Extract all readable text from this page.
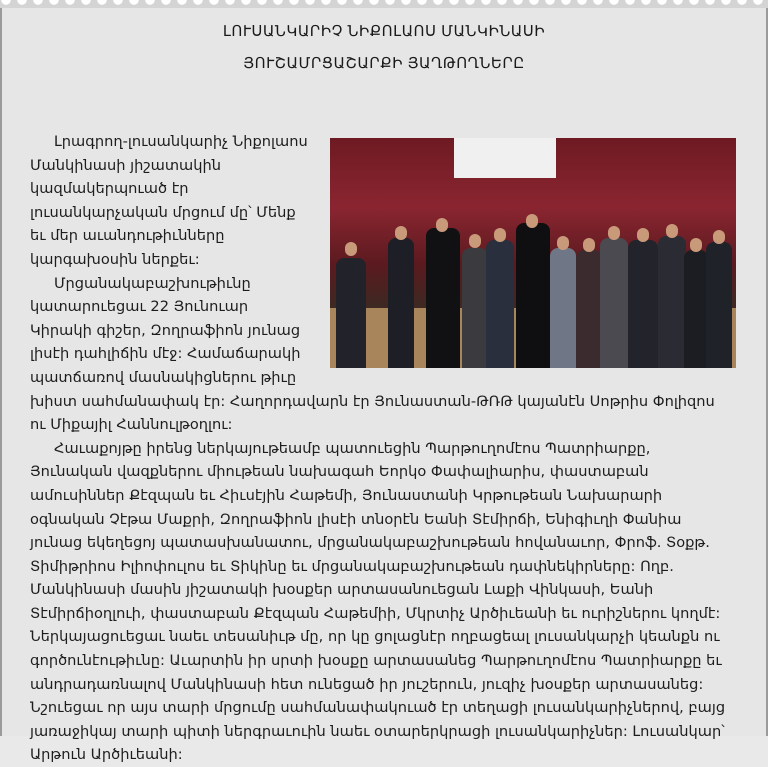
ԼՈՒՍԱՆԿԱՐԻՉ ՆԻՔՈԼԱՈՍ ՄԱՆԿԻՆԱՍԻ
ՅՈՒՇԱՄՐՑԱՇԱՐՔԻ ՅԱՂԹՈՂՆԵՐԸ

Լրագրող-լուսանկարիչ Նիքոլաոս Մանկինասի յիշատակին կազմակերպուած էր լուսանկարչական մրցում մը՝ Մենք եւ մեր աւանդութիւնները կարգախօսին ներքեւ:

Մրցանակաբաշխութիւնը կատարուեցաւ 22 Յունուար Կիրակի գիշեր, Զողրաֆիոն յունաց լիսէի դահլիճին մէջ: Համաճարակի պատճառով մասնակիցներու թիւը

խիստ սահմանափակ էր: Հաղորդավարն էր Յունաստան-ԹՌԹ կայանէն Սոթրիս Փոլիզոս ու Միքայիլ Հաննուլթօղլու:

Հաւաքոյթը իրենց ներկայութեամբ պատուեցին Պարթուղոմէոս Պատրիարքը, Յունական վազքներու միութեան նախագահ Եորկօ Փափալիարիս, փաստաբան ամուսիններ Քէզպան եւ Հիւսէյին Հաթեմի, Յունաստանի Կրթութեան Նախարարի օգնական Չէթա Մաքրի, Զողրաֆիոն լիսէի տնօրէն Եանի Տէմիրճի, Ենիգիւղի Փանիա յունաց եկեղեցոյ պատասխանատու, մրցանակաբաշխութեան հովանաւոր, Փրոֆ. Տօքթ. Տիմիթրիոս Իլիոփուլոս եւ Տիկինը եւ մրցանակաբաշխութեան դափնեկիրները: Ողբ. Մանկինասի մասին յիշատակի խօսքեր արտասանուեցան Լաքի Վինկասի, Եանի Տէմիրճիօղլուի, փաստաբան Քէզպան Հաթեմիի, Մկրտիչ Արծիւեանի եւ ուրիշներու կողմէ: Ներկայացուեցաւ նաեւ տեսանիւթ մը, որ կը ցոլացնէր ողբացեալ լուսանկարչի կեանքն ու գործունէութիւնը: Աւարտին իր սրտի խօսքը արտասանեց Պարթուղոմէոս Պատրիարքը եւ անդրադառնալով Մանկինասի հետ ունեցած իր յուշերուն, յուզիչ խօսքեր արտասանեց: Նշուեցաւ որ այս տարի մրցումը սահմանափակուած էր տեղացի լուսանկարիչներով, բայց յառաջիկայ տարի պիտի ներգրաւուին նաեւ օտարերկրացի լուսանկարիչներ: Լուսանկար՝ Արթուն Արծիւեանի:
